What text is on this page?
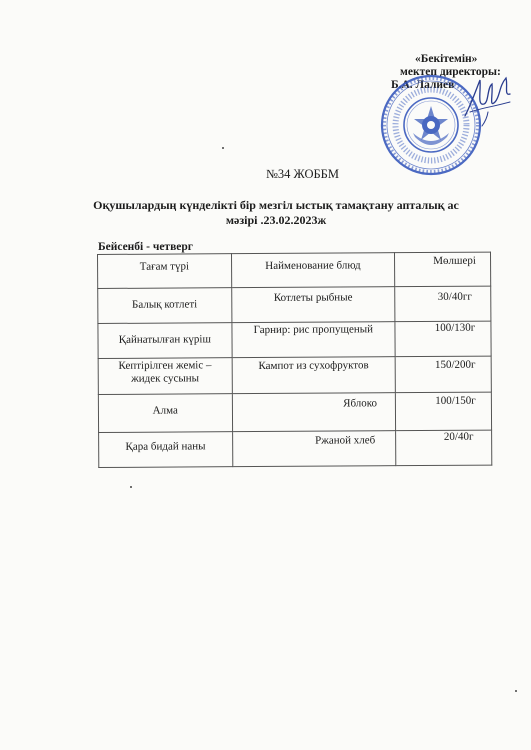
«Бекітемін»
мектеп директоры:
Б.А. Лалиев
№34 ЖОББМ
Оқушылардың күнделікті бір мезгіл ыстық тамақтану апталық ас
мәзірі .23.02.2023ж
Бейсенбі - четверг
Тағам түрі	Найменование блюд	Мөлшері
Балық котлеті	Котлеты рыбные	30/40гг
Қайнатылған күріш	Гарнир: рис пропущеный	100/130г
Кептірілген жеміс – жидек сусыны	Кампот из сухофруктов	150/200г
Алма	Яблоко	100/150г
Қара бидай наны	Ржаной хлеб	20/40г
